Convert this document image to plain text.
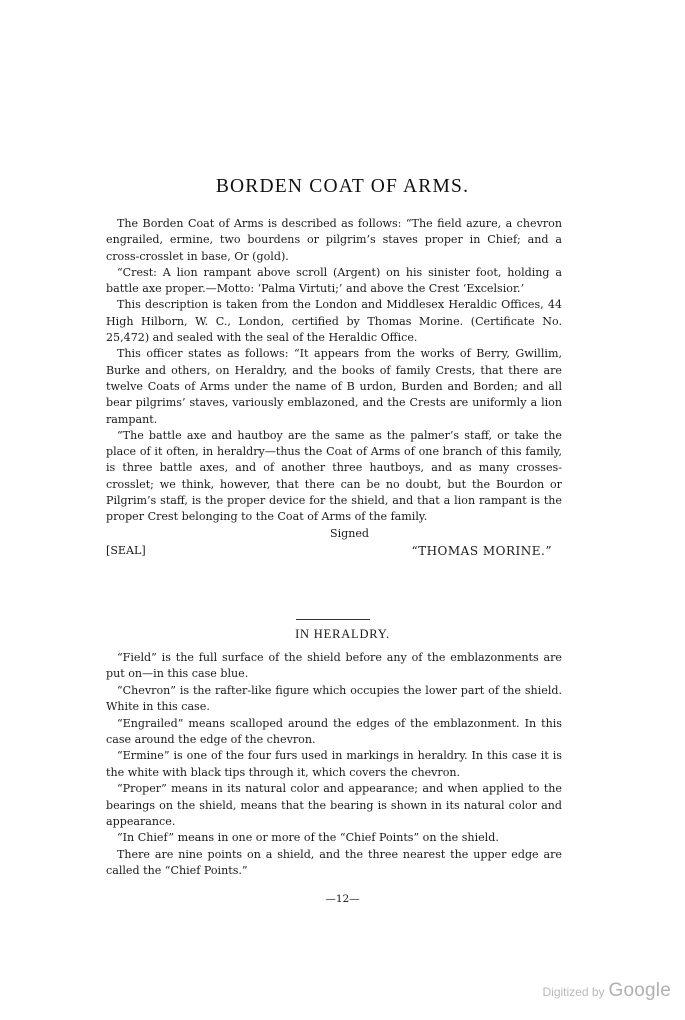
BORDEN COAT OF ARMS.

The Borden Coat of Arms is described as follows: “The field azure, a chevron engrailed, ermine, two bourdens or pilgrim’s staves proper in Chief; and a cross-crosslet in base, Or (gold).

“Crest: A lion rampant above scroll (Argent) on his sinister foot, holding a battle axe proper.—Motto: ‘Palma Virtuti;’ and above the Crest ‘Excelsior.’

This description is taken from the London and Middlesex Heraldic Offices, 44 High Hilborn, W. C., London, certified by Thomas Morine. (Certificate No. 25,472) and sealed with the seal of the Heraldic Office.

This officer states as follows: “It appears from the works of Berry, Gwillim, Burke and others, on Heraldry, and the books of family Crests, that there are twelve Coats of Arms under the name of B urdon, Burden and Borden; and all bear pilgrims’ staves, variously emblazoned, and the Crests are uniformly a lion rampant.

“The battle axe and hautboy are the same as the palmer’s staff, or take the place of it often, in heraldry—thus the Coat of Arms of one branch of this family, is three battle axes, and of another three hautboys, and as many crosses-crosslet; we think, however, that there can be no doubt, but the Bourdon or Pilgrim’s staff, is the proper device for the shield, and that a lion rampant is the proper Crest belonging to the Coat of Arms of the family.

Signed

[SEAL]	“THOMAS MORINE.”
IN HERALDRY.

“Field” is the full surface of the shield before any of the emblazonments are put on—in this case blue.

“Chevron” is the rafter-like figure which occupies the lower part of the shield. White in this case.

“Engrailed” means scalloped around the edges of the emblazonment. In this case around the edge of the chevron.

“Ermine” is one of the four furs used in markings in heraldry. In this case it is the white with black tips through it, which covers the chevron.

“Proper” means in its natural color and appearance; and when applied to the bearings on the shield, means that the bearing is shown in its natural color and appearance.

“In Chief” means in one or more of the “Chief Points” on the shield.

There are nine points on a shield, and the three nearest the upper edge are called the “Chief Points.”

—12—
Digitized by Google
